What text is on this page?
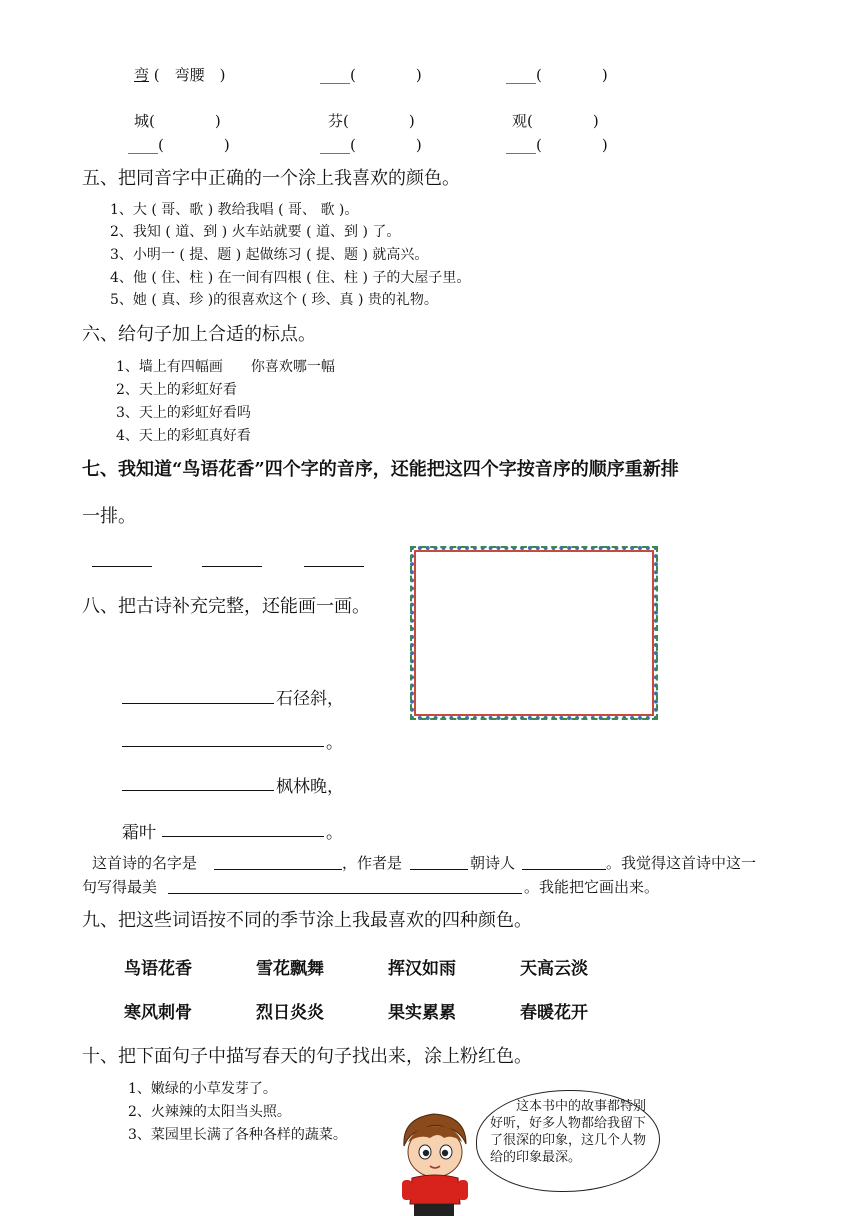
弯 (　弯腰　)	____(　　　　)	____(　　　　)
城(　　　　)	芬(　　　　)	观(　　　　)
____(　　　　)	____(　　　　)	____(　　　　)
五、把同音字中正确的一个涂上我喜欢的颜色。
1、大 ( 哥、歌 ) 教给我唱 ( 哥、 歌 )。
2、我知 ( 道、到 ) 火车站就要 ( 道、到 ) 了。
3、小明一 ( 提、题 ) 起做练习 ( 提、题 ) 就高兴。
4、他 ( 住、柱 ) 在一间有四根 ( 住、柱 ) 子的大屋子里。
5、她 ( 真、珍 )的很喜欢这个 ( 珍、真 ) 贵的礼物。
六、给句子加上合适的标点。
1、墙上有四幅画　　你喜欢哪一幅
2、天上的彩虹好看
3、天上的彩虹好看吗
4、天上的彩虹真好看
七、我知道“鸟语花香”四个字的音序，还能把这四个字按音序的顺序重新排
一排。
八、把古诗补充完整，还能画一画。
石径斜，
。
枫林晚，
霜叶	。
这首诗的名字是	，作者是	朝诗人	。我觉得这首诗中这一
句写得最美	。我能把它画出来。
九、把这些词语按不同的季节涂上我最喜欢的四种颜色。
鸟语花香	雪花飘舞	挥汉如雨	天高云淡
寒风刺骨	烈日炎炎	果实累累	春暖花开
十、把下面句子中描写春天的句子找出来，涂上粉红色。
1、嫩绿的小草发芽了。
2、火辣辣的太阳当头照。
3、菜园里长满了各种各样的蔬菜。
　　这本书中的故事都特别好听，好多人物都给我留下了很深的印象，这几个人物给的印象最深。
